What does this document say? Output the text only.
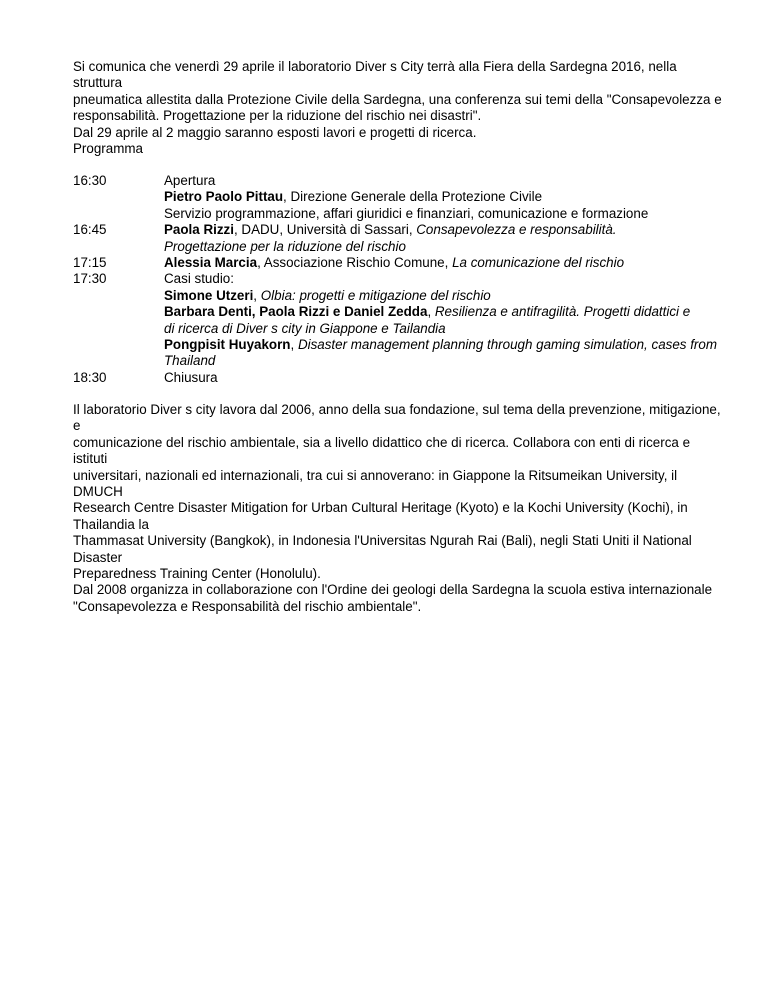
Si comunica che venerdì 29 aprile il laboratorio Diver s City terrà alla Fiera della Sardegna 2016, nella struttura
pneumatica allestita dalla Protezione Civile della Sardegna, una conferenza sui temi della "Consapevolezza e
responsabilità. Progettazione per la riduzione del rischio nei disastri".
Dal 29 aprile al 2 maggio saranno esposti lavori e progetti di ricerca.
Programma
16:30	Apertura
Pietro Paolo Pittau, Direzione Generale della Protezione Civile
Servizio programmazione, affari giuridici e finanziari, comunicazione e formazione
16:45	Paola Rizzi, DADU, Università di Sassari, Consapevolezza e responsabilità.
Progettazione per la riduzione del rischio
17:15	Alessia Marcia, Associazione Rischio Comune, La comunicazione del rischio
17:30	Casi studio:
Simone Utzeri, Olbia: progetti e mitigazione del rischio
Barbara Denti, Paola Rizzi e Daniel Zedda, Resilienza e antifragilità. Progetti didattici e
di ricerca di Diver s city in Giappone e Tailandia
Pongpisit Huyakorn, Disaster management planning through gaming simulation, cases from
Thailand
18:30	Chiusura
Il laboratorio Diver s city lavora dal 2006, anno della sua fondazione, sul tema della prevenzione, mitigazione, e
comunicazione del rischio ambientale, sia a livello didattico che di ricerca. Collabora con enti di ricerca e istituti
universitari, nazionali ed internazionali, tra cui si annoverano: in Giappone la Ritsumeikan University, il DMUCH
Research Centre Disaster Mitigation for Urban Cultural Heritage (Kyoto) e la Kochi University (Kochi), in Thailandia la
Thammasat University (Bangkok), in Indonesia l'Universitas Ngurah Rai (Bali), negli Stati Uniti il National Disaster
Preparedness Training Center (Honolulu).
Dal 2008 organizza in collaborazione con l'Ordine dei geologi della Sardegna la scuola estiva internazionale
"Consapevolezza e Responsabilità del rischio ambientale".
